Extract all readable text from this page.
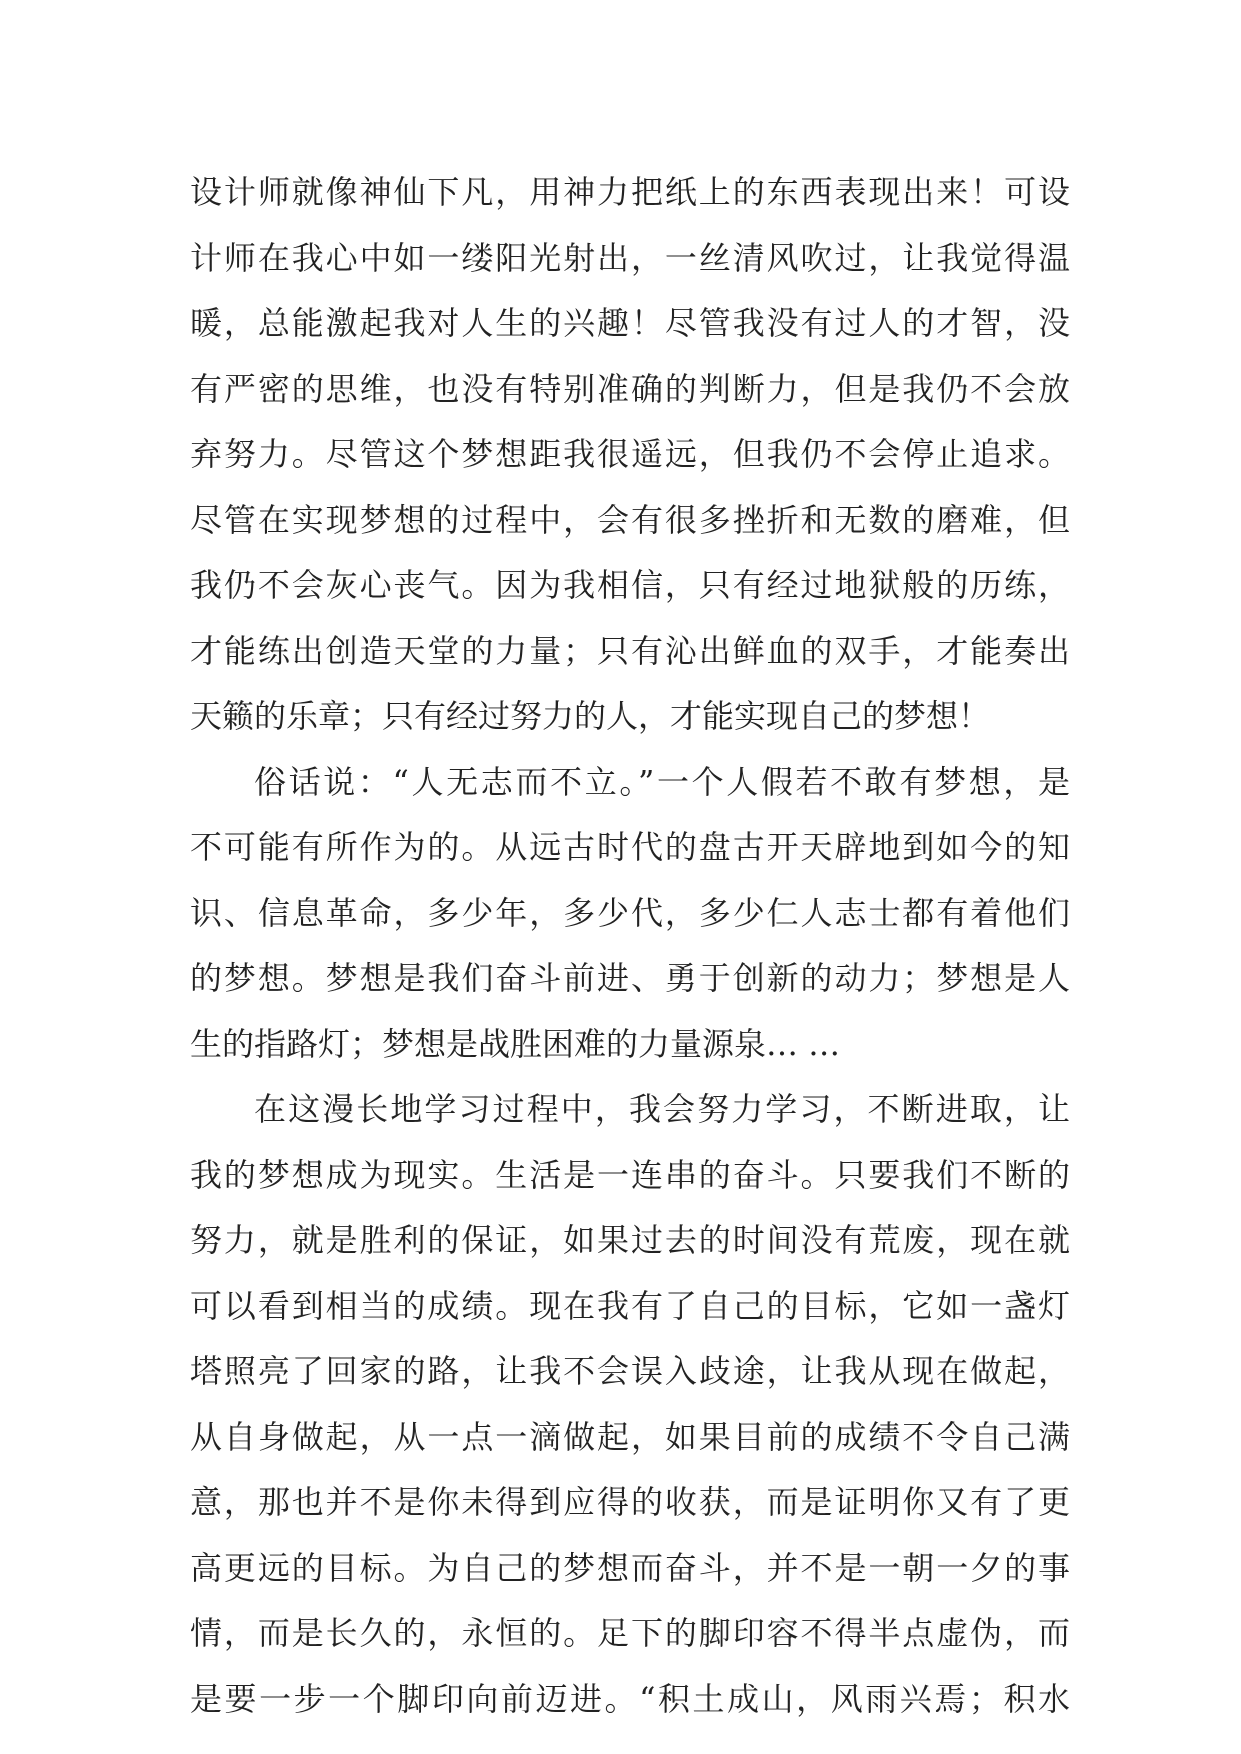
设计师就像神仙下凡，用神力把纸上的东西表现出来！可设
计师在我心中如一缕阳光射出，一丝清风吹过，让我觉得温
暖，总能激起我对人生的兴趣！尽管我没有过人的才智，没
有严密的思维，也没有特别准确的判断力，但是我仍不会放
弃努力。尽管这个梦想距我很遥远，但我仍不会停止追求。
尽管在实现梦想的过程中，会有很多挫折和无数的磨难，但
我仍不会灰心丧气。因为我相信，只有经过地狱般的历练，
才能练出创造天堂的力量；只有沁出鲜血的双手，才能奏出
天籁的乐章；只有经过努力的人，才能实现自己的梦想！
俗话说：“人无志而不立。”一个人假若不敢有梦想，是
不可能有所作为的。从远古时代的盘古开天辟地到如今的知
识、信息革命，多少年，多少代，多少仁人志士都有着他们
的梦想。梦想是我们奋斗前进、勇于创新的动力；梦想是人
生的指路灯；梦想是战胜困难的力量源泉… …
在这漫长地学习过程中，我会努力学习，不断进取，让
我的梦想成为现实。生活是一连串的奋斗。只要我们不断的
努力，就是胜利的保证，如果过去的时间没有荒废，现在就
可以看到相当的成绩。现在我有了自己的目标，它如一盏灯
塔照亮了回家的路，让我不会误入歧途，让我从现在做起，
从自身做起，从一点一滴做起，如果目前的成绩不令自己满
意，那也并不是你未得到应得的收获，而是证明你又有了更
高更远的目标。为自己的梦想而奋斗，并不是一朝一夕的事
情，而是长久的，永恒的。足下的脚印容不得半点虚伪，而
是要一步一个脚印向前迈进。“积土成山，风雨兴焉；积水
